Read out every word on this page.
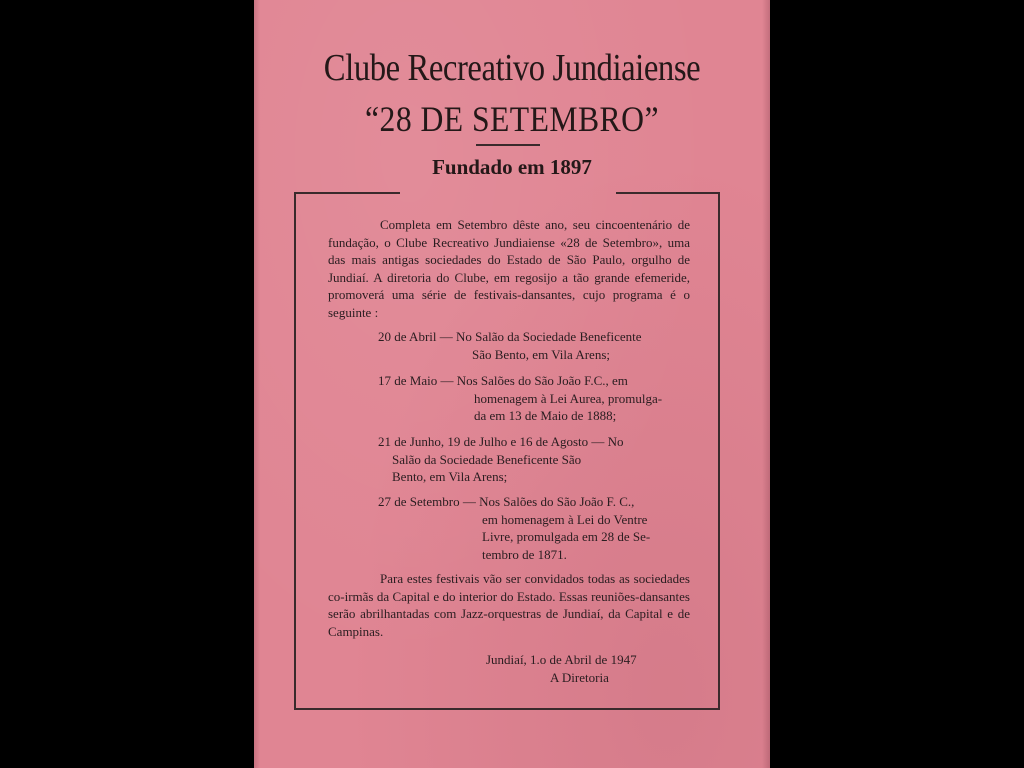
Clube Recreativo Jundiaiense
“28 DE SETEMBRO”
Fundado em 1897
Completa em Setembro dêste ano, seu cincoentenário de fundação, o Clube Recreativo Jundiaiense «28 de Setembro», uma das mais antigas sociedades do Estado de São Paulo, orgulho de Jundiaí. A diretoria do Clube, em regosijo a tão grande efemeride, promoverá uma série de festivais-dansantes, cujo programa é o seguinte :
20 de Abril — No Salão da Sociedade Beneficente
São Bento, em Vila Arens;
17 de Maio — Nos Salões do São João F.C., em
homenagem à Lei Aurea, promulga-
da em 13 de Maio de 1888;
21 de Junho, 19 de Julho e 16 de Agosto — No
Salão da Sociedade Beneficente São
Bento, em Vila Arens;
27 de Setembro — Nos Salões do São João F. C.,
em homenagem à Lei do Ventre
Livre, promulgada em 28 de Se-
tembro de 1871.
Para estes festivais vão ser convidados todas as sociedades co-irmãs da Capital e do interior do Estado. Essas reuniões-dansantes serão abrilhantadas com Jazz-orquestras de Jundiaí, da Capital e de Campinas.
Jundiaí, 1.o de Abril de 1947
A Diretoria
